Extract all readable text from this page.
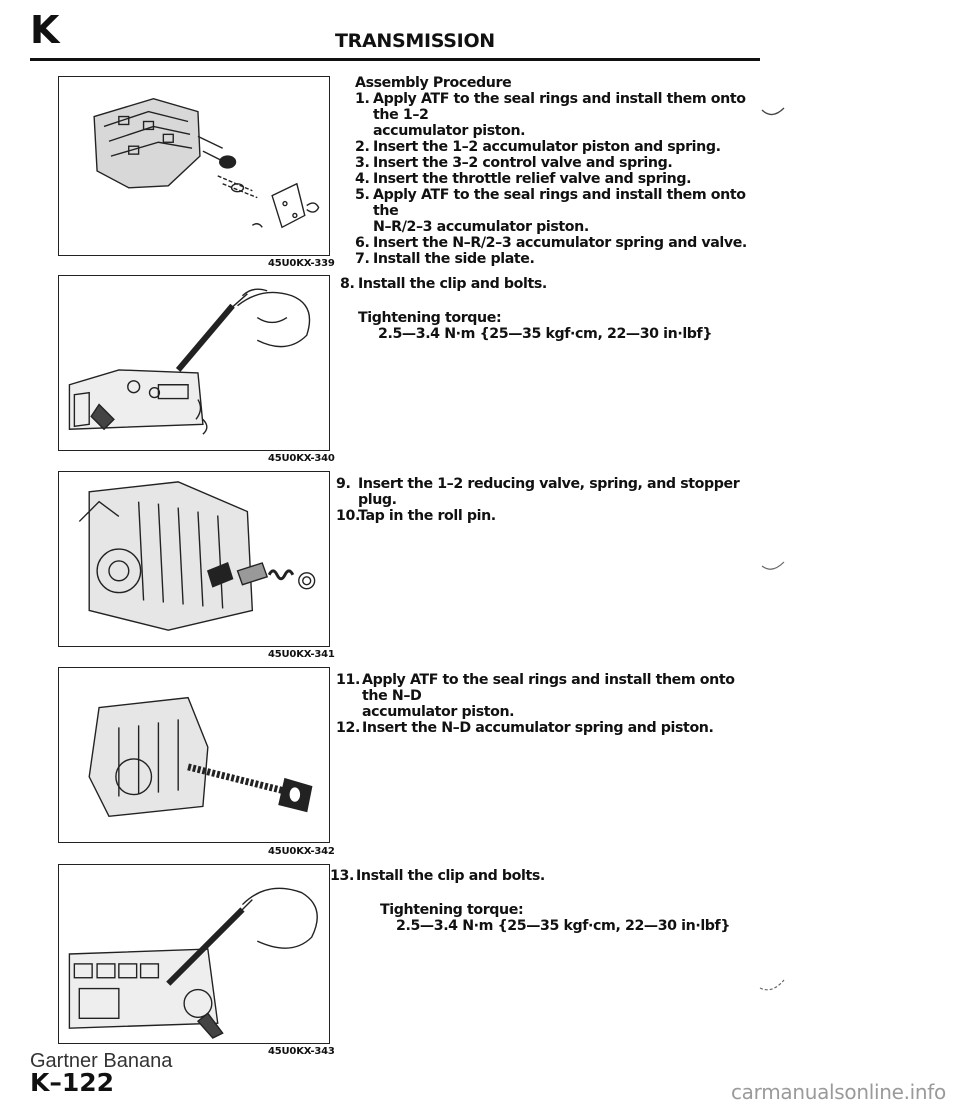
K	TRANSMISSION
45U0KX-339
45U0KX-340
45U0KX-341
45U0KX-342
45U0KX-343
Assembly Procedure
1. Apply ATF to the seal rings and install them onto the 1–2
accumulator piston.
2. Insert the 1–2 accumulator piston and spring.
3. Insert the 3–2 control valve and spring.
4. Insert the throttle relief valve and spring.
5. Apply ATF to the seal rings and install them onto the
N–R/2–3 accumulator piston.
6. Insert the N–R/2–3 accumulator spring and valve.
7. Install the side plate.
8. Install the clip and bolts.
Tightening torque:
2.5—3.4 N·m {25—35 kgf·cm, 22—30 in·lbf}
9. Insert the 1–2 reducing valve, spring, and stopper plug.
10.
Tap in the roll pin.
11. Apply ATF to the seal rings and install them onto the N–D
accumulator piston.
12. Insert the N–D accumulator spring and piston.
13. Install the clip and bolts.
Tightening torque:
2.5—3.4 N·m {25—35 kgf·cm, 22—30 in·lbf}
Gartner Banana
K–122	carmanualsonline.info
